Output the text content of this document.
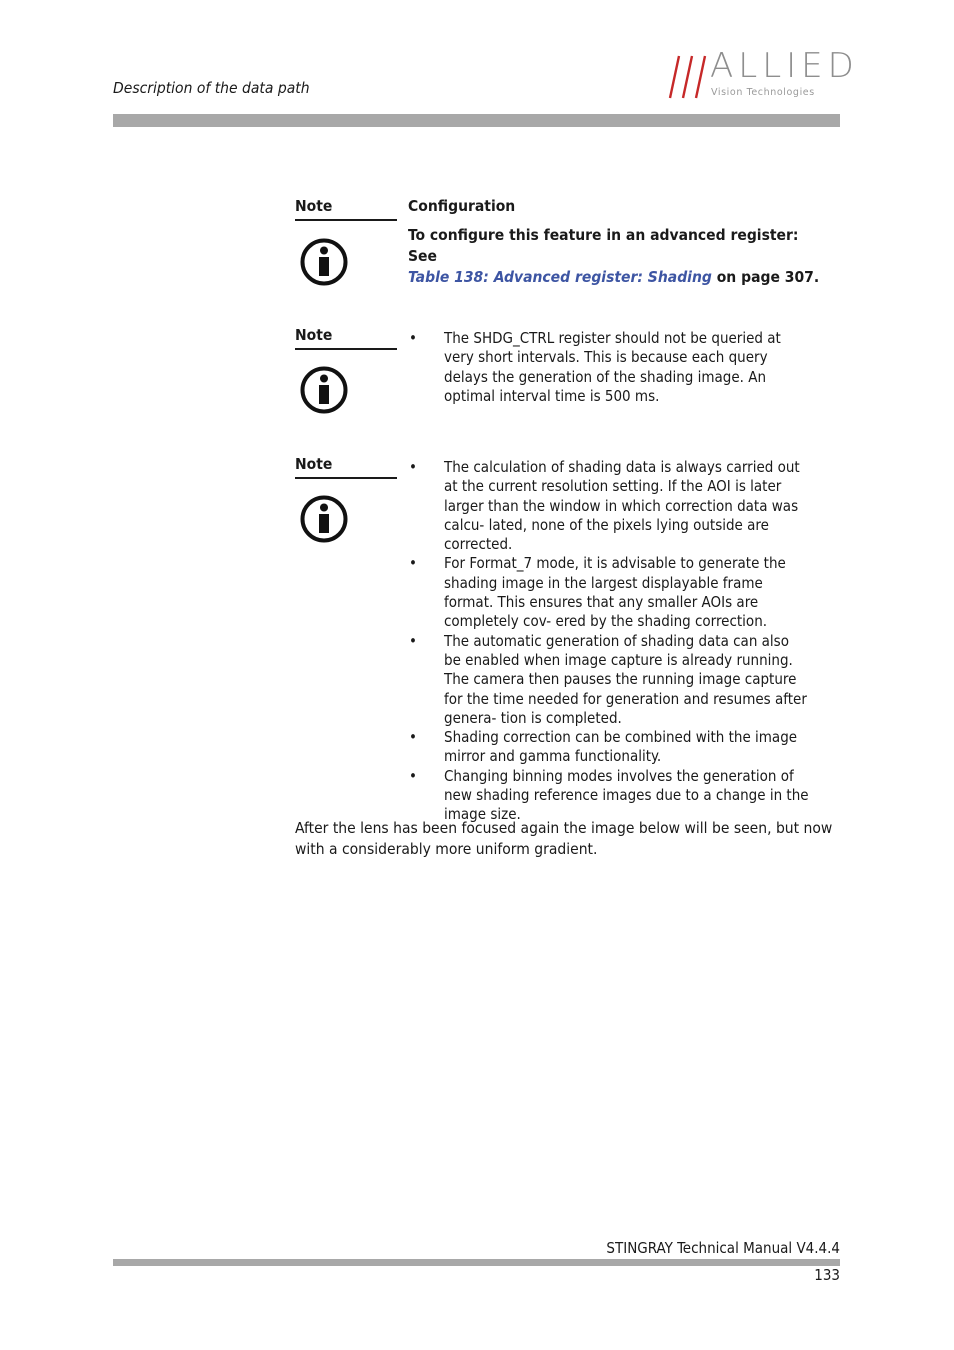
Description of the data path
ALLIED
Vision Technologies
Note	Configuration
To configure this feature in an advanced register: See
Table 138: Advanced register: Shading on page 307.
Note	• The SHDG_CTRL register should not be queried at very short intervals. This is because each query delays the generation of the shading image. An optimal interval time is 500 ms.
Note	• The calculation of shading data is always carried out at the current resolution setting. If the AOI is later larger than the window in which correction data was calcu- lated, none of the pixels lying outside are corrected.
• For Format_7 mode, it is advisable to generate the shading image in the largest displayable frame format. This ensures that any smaller AOIs are completely cov- ered by the shading correction.
• The automatic generation of shading data can also be enabled when image capture is already running. The camera then pauses the running image capture for the time needed for generation and resumes after genera- tion is completed.
• Shading correction can be combined with the image mirror and gamma functionality.
• Changing binning modes involves the generation of new shading reference images due to a change in the image size.
After the lens has been focused again the image below will be seen, but now with a considerably more uniform gradient.
STINGRAY Technical Manual V4.4.4
133
